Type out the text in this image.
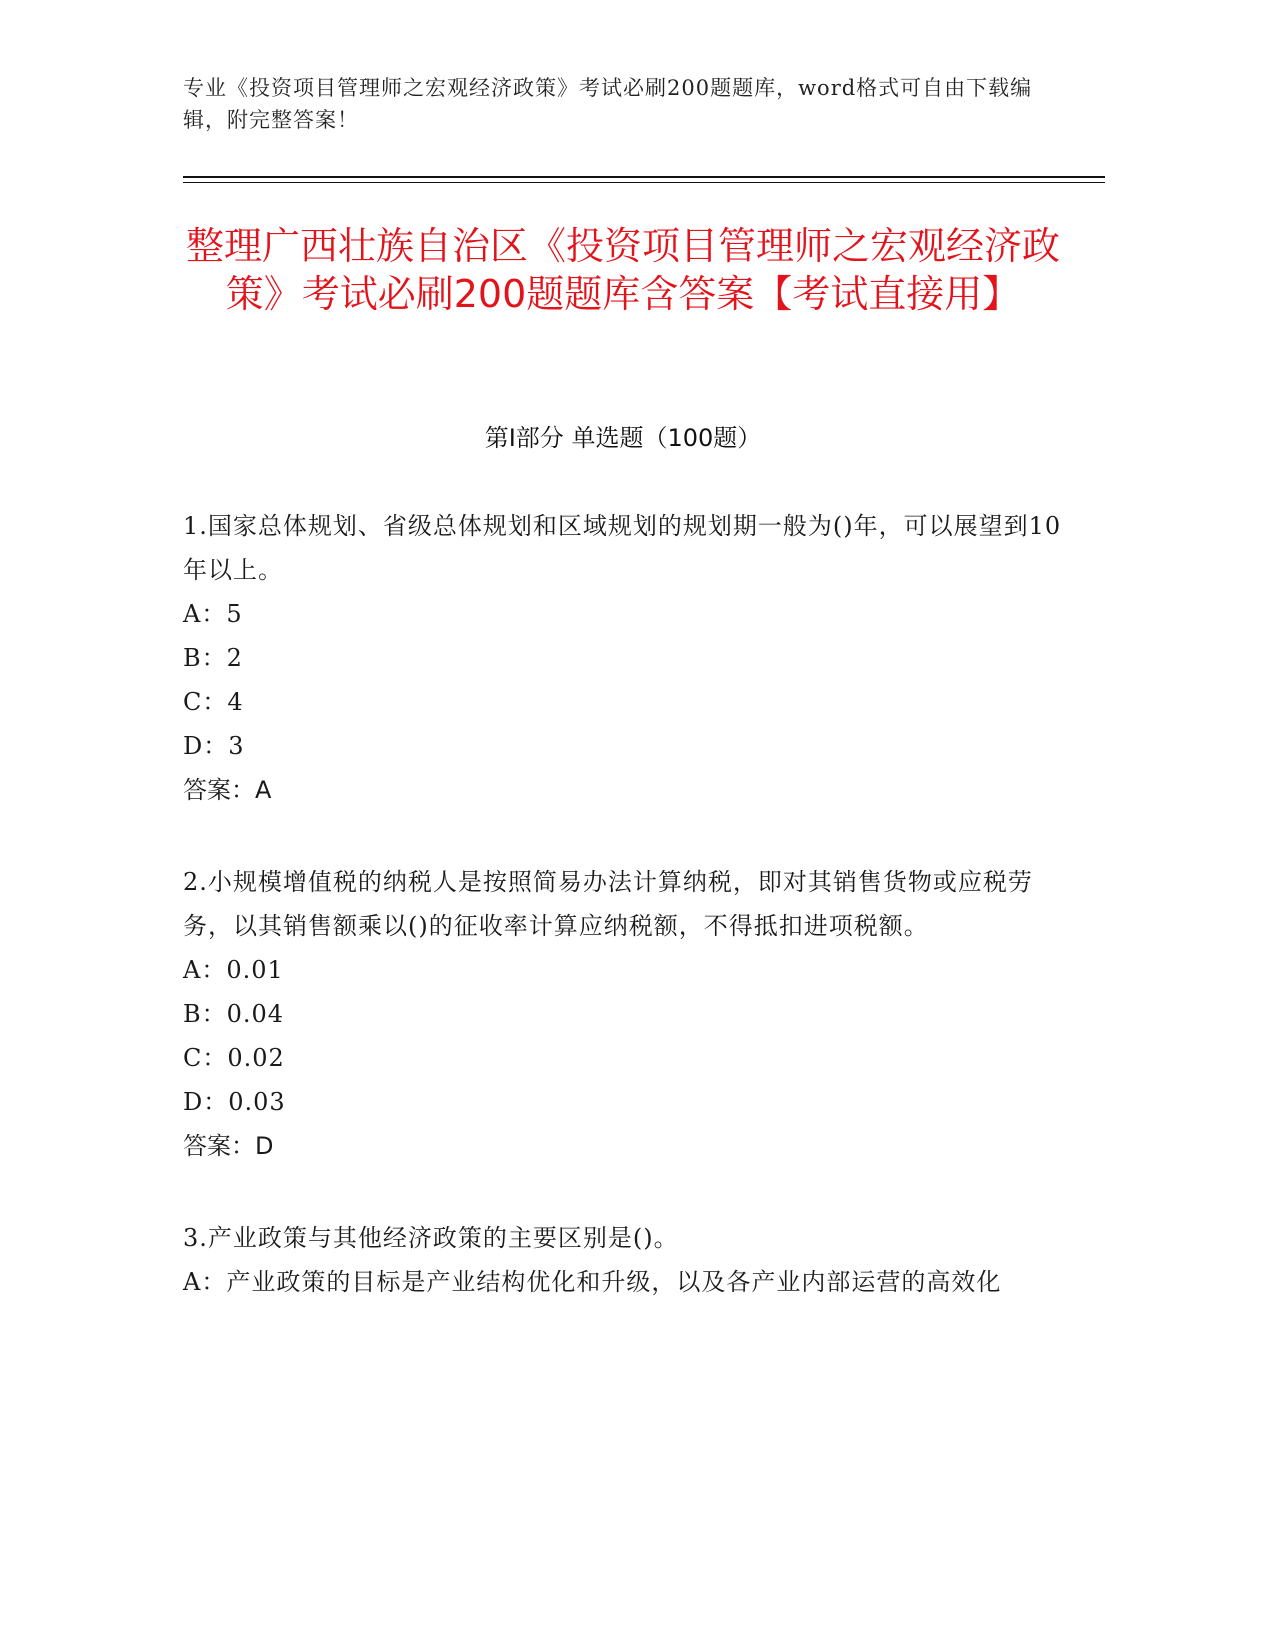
专业《投资项目管理师之宏观经济政策》考试必刷200题题库，word格式可自由下载编辑，附完整答案！
整理广西壮族自治区《投资项目管理师之宏观经济政策》考试必刷200题题库含答案【考试直接用】
第Ⅰ部分 单选题（100题）

1.国家总体规划、省级总体规划和区域规划的规划期一般为()年，可以展望到10年以上。

A：5

B：2

C：4

D：3

答案：A

2.小规模增值税的纳税人是按照简易办法计算纳税，即对其销售货物或应税劳务，以其销售额乘以()的征收率计算应纳税额，不得抵扣进项税额。

A：0.01

B：0.04

C：0.02

D：0.03

答案：D

3.产业政策与其他经济政策的主要区别是()。

A：产业政策的目标是产业结构优化和升级，以及各产业内部运营的高效化
